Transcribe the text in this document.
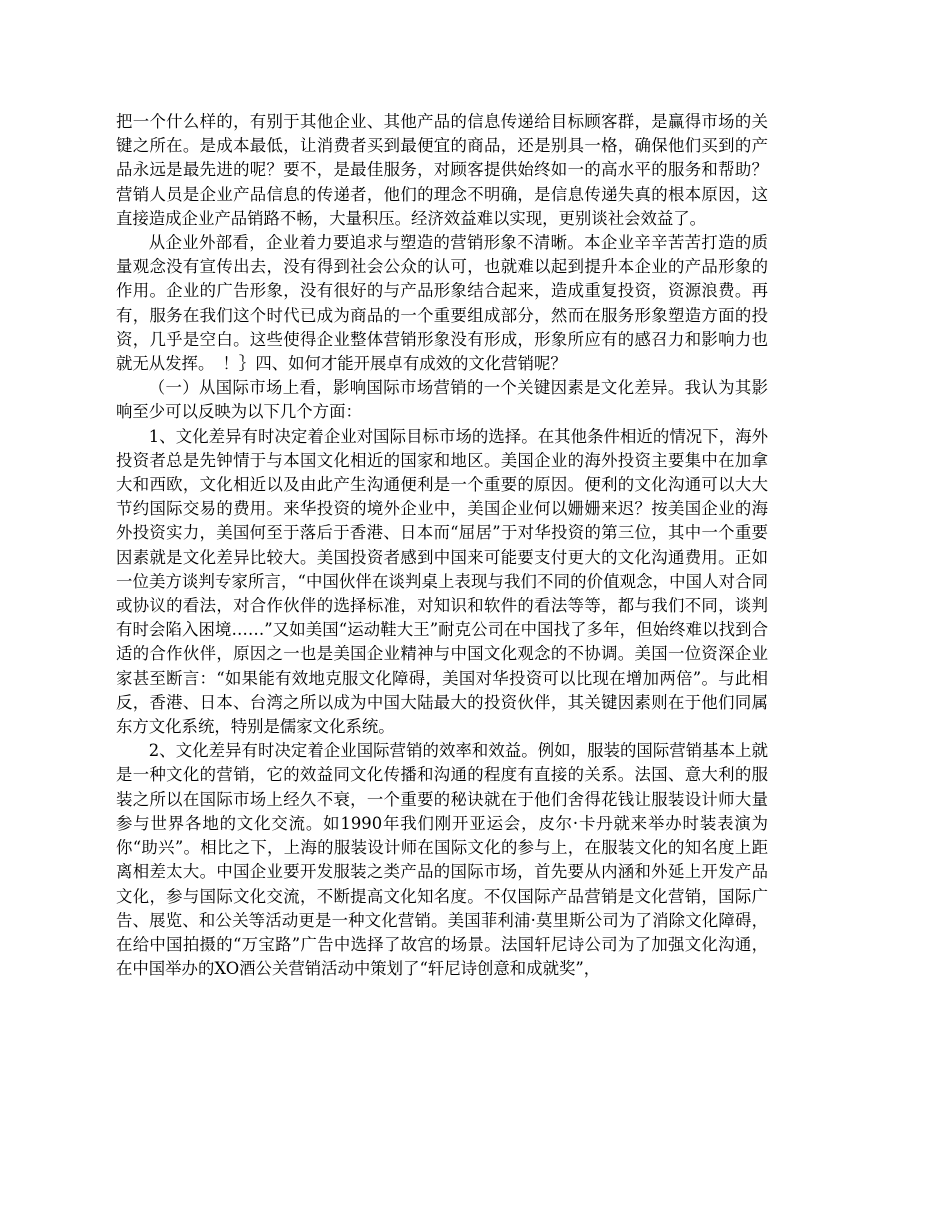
把一个什么样的，有别于其他企业、其他产品的信息传递给目标顾客群，是赢得市场的关键之所在。是成本最低，让消费者买到最便宜的商品，还是别具一格，确保他们买到的产品永远是最先进的呢？要不，是最佳服务，对顾客提供始终如一的高水平的服务和帮助？营销人员是企业产品信息的传递者，他们的理念不明确，是信息传递失真的根本原因，这直接造成企业产品销路不畅，大量积压。经济效益难以实现，更别谈社会效益了。

从企业外部看，企业着力要追求与塑造的营销形象不清晰。本企业辛辛苦苦打造的质量观念没有宣传出去，没有得到社会公众的认可，也就难以起到提升本企业的产品形象的作用。企业的广告形象，没有很好的与产品形象结合起来，造成重复投资，资源浪费。再有，服务在我们这个时代已成为商品的一个重要组成部分，然而在服务形象塑造方面的投资，几乎是空白。这些使得企业整体营销形象没有形成，形象所应有的感召力和影响力也就无从发挥。　！｝四、如何才能开展卓有成效的文化营销呢？

（一）从国际市场上看，影响国际市场营销的一个关键因素是文化差异。我认为其影响至少可以反映为以下几个方面：

1、文化差异有时决定着企业对国际目标市场的选择。在其他条件相近的情况下，海外投资者总是先钟情于与本国文化相近的国家和地区。美国企业的海外投资主要集中在加拿大和西欧，文化相近以及由此产生沟通便利是一个重要的原因。便利的文化沟通可以大大节约国际交易的费用。来华投资的境外企业中，美国企业何以姗姗来迟？按美国企业的海外投资实力，美国何至于落后于香港、日本而“屈居”于对华投资的第三位，其中一个重要因素就是文化差异比较大。美国投资者感到中国来可能要支付更大的文化沟通费用。正如一位美方谈判专家所言，“中国伙伴在谈判桌上表现与我们不同的价值观念，中国人对合同或协议的看法，对合作伙伴的选择标准，对知识和软件的看法等等，都与我们不同，谈判有时会陷入困境……”又如美国“运动鞋大王”耐克公司在中国找了多年，但始终难以找到合适的合作伙伴，原因之一也是美国企业精神与中国文化观念的不协调。美国一位资深企业家甚至断言：“如果能有效地克服文化障碍，美国对华投资可以比现在增加两倍”。与此相反，香港、日本、台湾之所以成为中国大陆最大的投资伙伴，其关键因素则在于他们同属东方文化系统，特别是儒家文化系统。

2、文化差异有时决定着企业国际营销的效率和效益。例如，服装的国际营销基本上就是一种文化的营销，它的效益同文化传播和沟通的程度有直接的关系。法国、意大利的服装之所以在国际市场上经久不衰，一个重要的秘诀就在于他们舍得花钱让服装设计师大量参与世界各地的文化交流。如1990年我们刚开亚运会，皮尔·卡丹就来举办时装表演为你“助兴”。相比之下，上海的服装设计师在国际文化的参与上，在服装文化的知名度上距离相差太大。中国企业要开发服装之类产品的国际市场，首先要从内涵和外延上开发产品文化，参与国际文化交流，不断提高文化知名度。不仅国际产品营销是文化营销，国际广告、展览、和公关等活动更是一种文化营销。美国菲利浦·莫里斯公司为了消除文化障碍，在给中国拍摄的“万宝路”广告中选择了故宫的场景。法国轩尼诗公司为了加强文化沟通，在中国举办的XO酒公关营销活动中策划了“轩尼诗创意和成就奖”，
